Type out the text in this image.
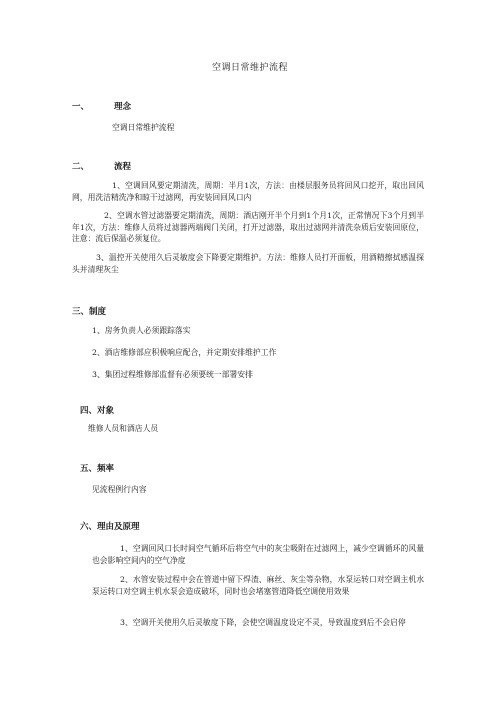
空调日常维护流程
一、	理念
空调日常维护流程
二、	流程
1、空调回风要定期清洗，周期：半月1次，方法：由楼层服务员将回风口挖开，取出回风网，用洗洁精洗净和晾干过滤网，再安装回回风口内
2、空调水管过滤器要定期清洗，周期：酒店刚开半个月到1个月1次，正常情况下3个月到半年1次，方法：维修人员将过滤器两端阀门关闭，打开过滤器，取出过滤网并清洗杂质后安装回原位，注意：流后保温必须复位。
3、温控开关使用久后灵敏度会下降要定期维护。方法：维修人员打开面板，用酒精擦拭感温探头并清理灰尘
三、制度
1、房务负责人必须跟踪落实
2、酒店维修部应积极响应配合，并定期安排维护工作
3、集团过程维修部监督有必须要统一部署安排
四、对象
维修人员和酒店人员
五、频率
见流程例行内容
六、理由及原理
1、空调回风口长时间空气循环后将空气中的灰尘吸附在过滤网上，减少空调循环的风量也会影响空间内的空气净度
2、水管安装过程中会在管道中留下焊渣、麻丝、灰尘等杂物，水泵运转口对空调主机水泵运转口对空调主机水泵会造成破坏，同时也会堵塞管道降低空调使用效果
3、空调开关使用久后灵敏度下降，会使空调温度设定不灵，导致温度到后不会启停
